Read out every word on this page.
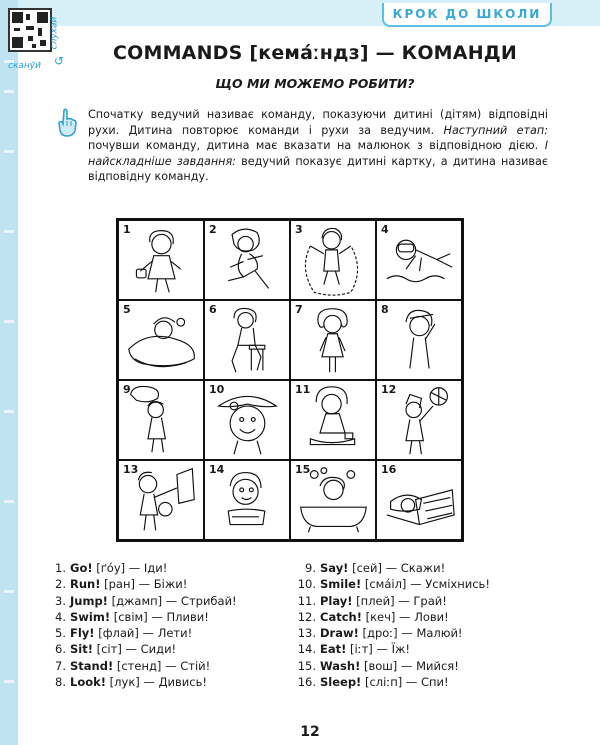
КРОК ДО ШКОЛИ
слухай
↺
сканўй
COMMANDS [кемáːндз] — КОМАНДИ
ЩО МИ МОЖЕМО РОБИТИ?
Спочатку ведучий називає команду, показуючи дитині (дітям) відповідні рухи. Дитина повторює команди і рухи за ведучим. Наступний етап: почувши команду, дитина має вказати на малюнок з відповідною дією. І найскладніше завдання: ведучий показує дитині картку, а дитина називає відповідну команду.
1	2	3	4
5	6	7	8
9	10	11	12
13	14	15	16
1. Go! [ґóу] — Іди!
2. Run! [ран] — Біжи!
3. Jump! [джамп] — Стрибай!
4. Swim! [свім] — Пливи!
5. Fly! [флай] — Лети!
6. Sit! [сіт] — Сиди!
7. Stand! [стенд] — Стій!
8. Look! [лук] — Дивись!
9. Say! [сей] — Скажи!
10. Smile! [смáіл] — Усміхнись!
11. Play! [плей] — Грай!
12. Catch! [кеч] — Лови!
13. Draw! [дроː] — Малюй!
14. Eat! [іːт] — Їж!
15. Wash! [вош] — Мийся!
16. Sleep! [сліːп] — Спи!
12
